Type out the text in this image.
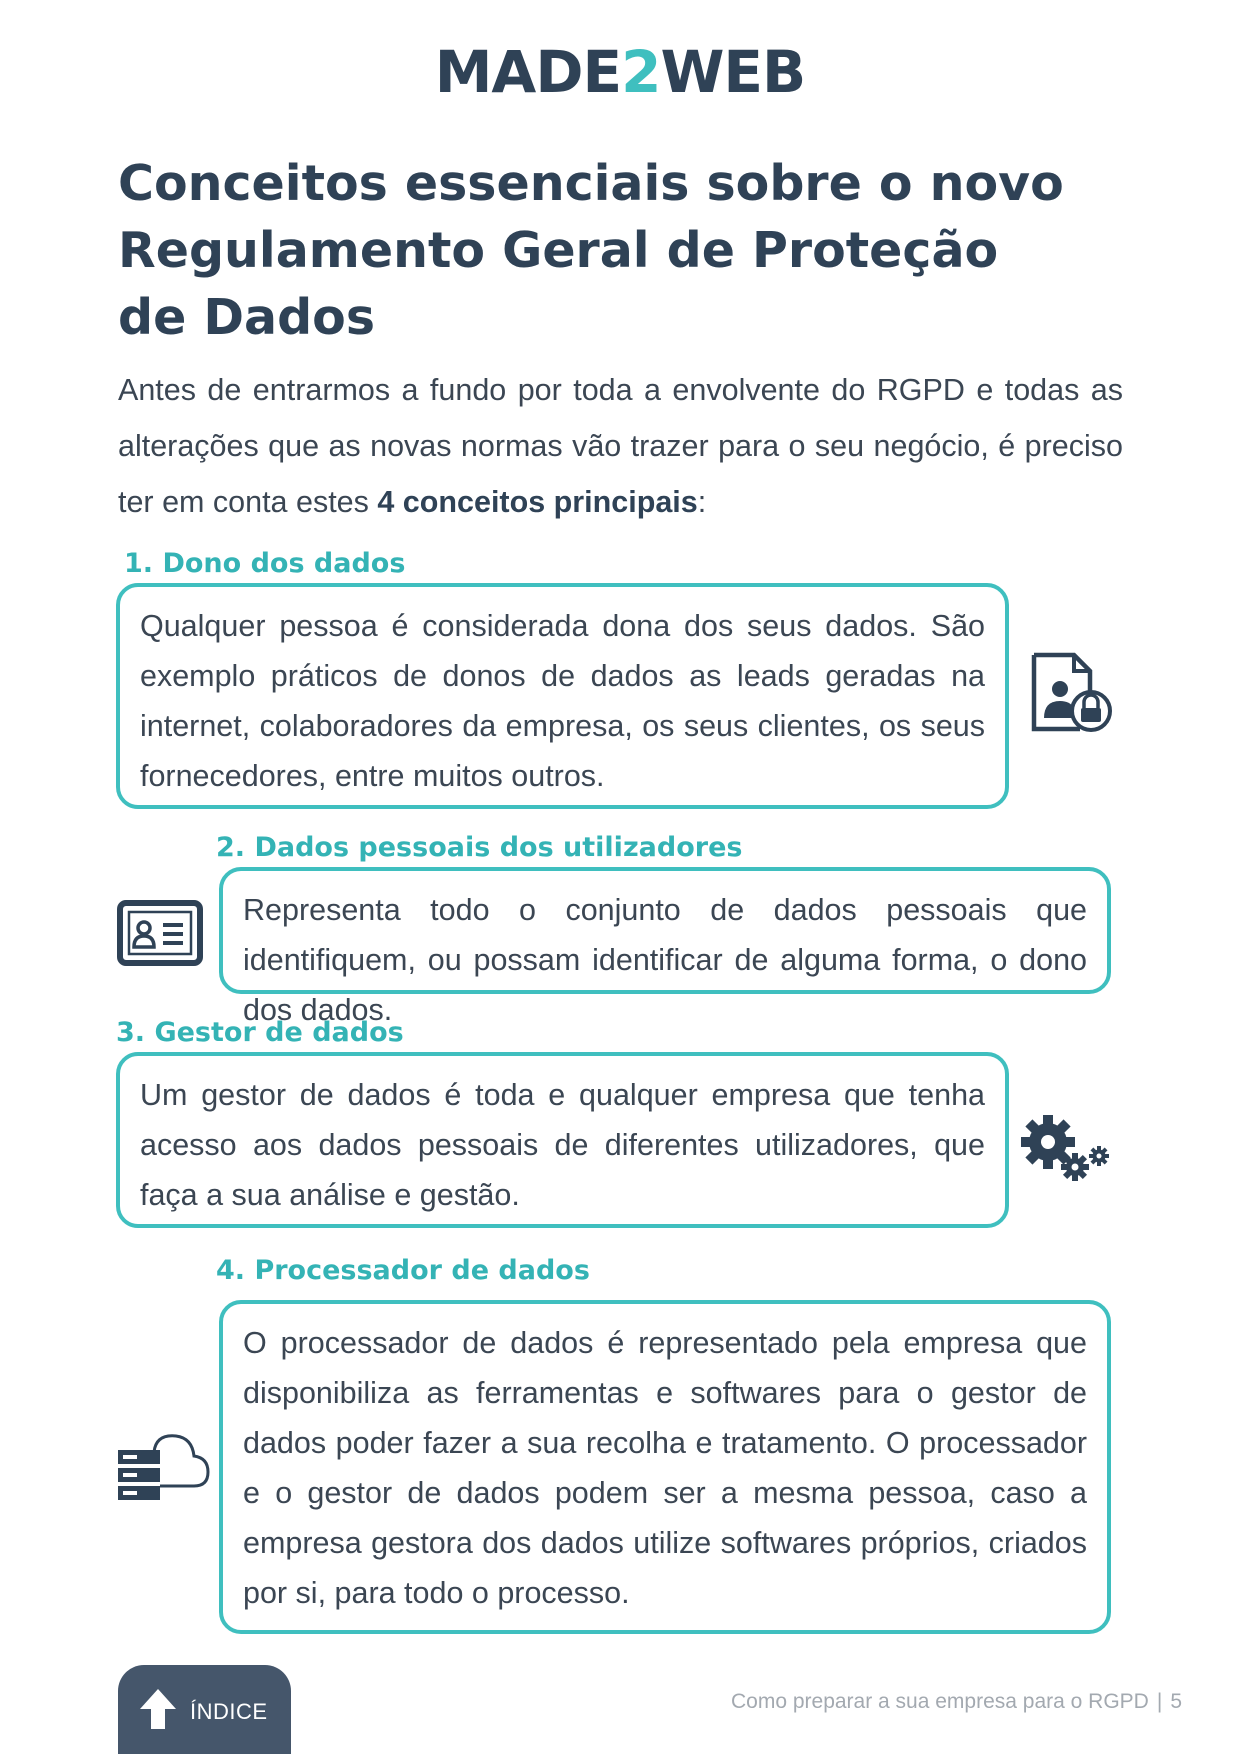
MADE2WEB
Conceitos essenciais sobre o novo Regulamento Geral de Proteção de Dados

Antes de entrarmos a fundo por toda a envolvente do RGPD e todas as alterações que as novas normas vão trazer para o seu negócio, é preciso ter em conta estes 4 conceitos principais:

1. Dono dos dados
Qualquer pessoa é considerada dona dos seus dados. São exemplo práticos de donos de dados as leads geradas na internet, colaboradores da empresa, os seus clientes, os seus fornecedores, entre muitos outros.
2. Dados pessoais dos utilizadores
Representa todo o conjunto de dados pessoais que identifiquem, ou possam identificar de alguma forma, o dono dos dados.
3. Gestor de dados
Um gestor de dados é toda e qualquer empresa que tenha acesso aos dados pessoais de diferentes utilizadores, que faça a sua análise e gestão.
4. Processador de dados
O processador de dados é representado pela empresa que disponibiliza as ferramentas e softwares para o gestor de dados poder fazer a sua recolha e tratamento. O processador e o gestor de dados podem ser a mesma pessoa, caso a empresa gestora dos dados utilize softwares próprios, criados por si, para todo o processo.
ÍNDICE	Como preparar a sua empresa para o RGPD | 5
